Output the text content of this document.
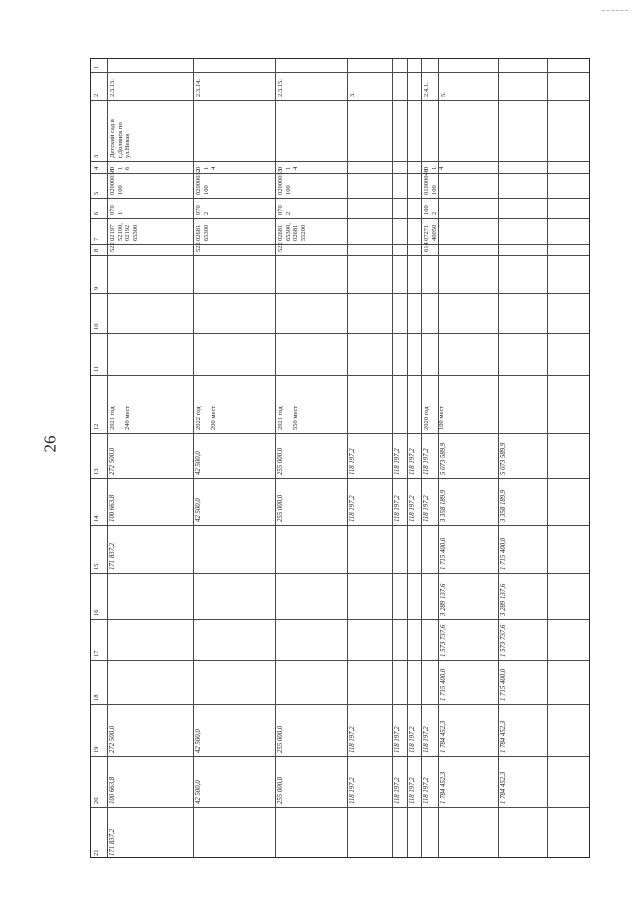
26
1
2
3
4
5
6
7
8
9
10
11
12
13
14
15
16
17
18
19
20
21
2.3.13.
Детский сад в
г.Долинск по
ул.Невая
0
1
6
02000038
100
070
1
02197
52100,
02192
65300
522
2021 год

240 мест
272 500,0
100 663,8
171 837,2
272 500,0
100 663,8
171 837,2
2.3.14.
0
1
4
02000032
100
070
2
02681
65300
522
2022 год

200 мест
42 500,0
42 500,0
42 500,0
42 500,0
2.3.15.
0
1
4
02000033
100
070
2
02681
65300,
02681
55200
522
2021 год

550 мест
255 000,0
255 000,0
255 000,0
255 000,0
3.
118 197,2
118 197,2
118 197,2
118 197,2
118 197,2
118 197,2
118 197,2
118 197,2
118 197,2
118 197,2
118 197,2
118 197,2
2.4.1.
0
1
4
01000048
100
100
2
07271
40050
614
2020 год

100 мест
118 197,2
118 197,2
118 197,2
118 197,2
5.
5 073 589,9
3 358 189,9
1 715 400,0
3 289 137,6
1 573 737,6
1 715 400,0
1 784 452,3
1 784 452,3
5 073 589,9
3 358 189,9
1 715 400,0
3 289 137,6
1 573 737,6
1 715 400,0
1 784 452,3
1 784 452,3
